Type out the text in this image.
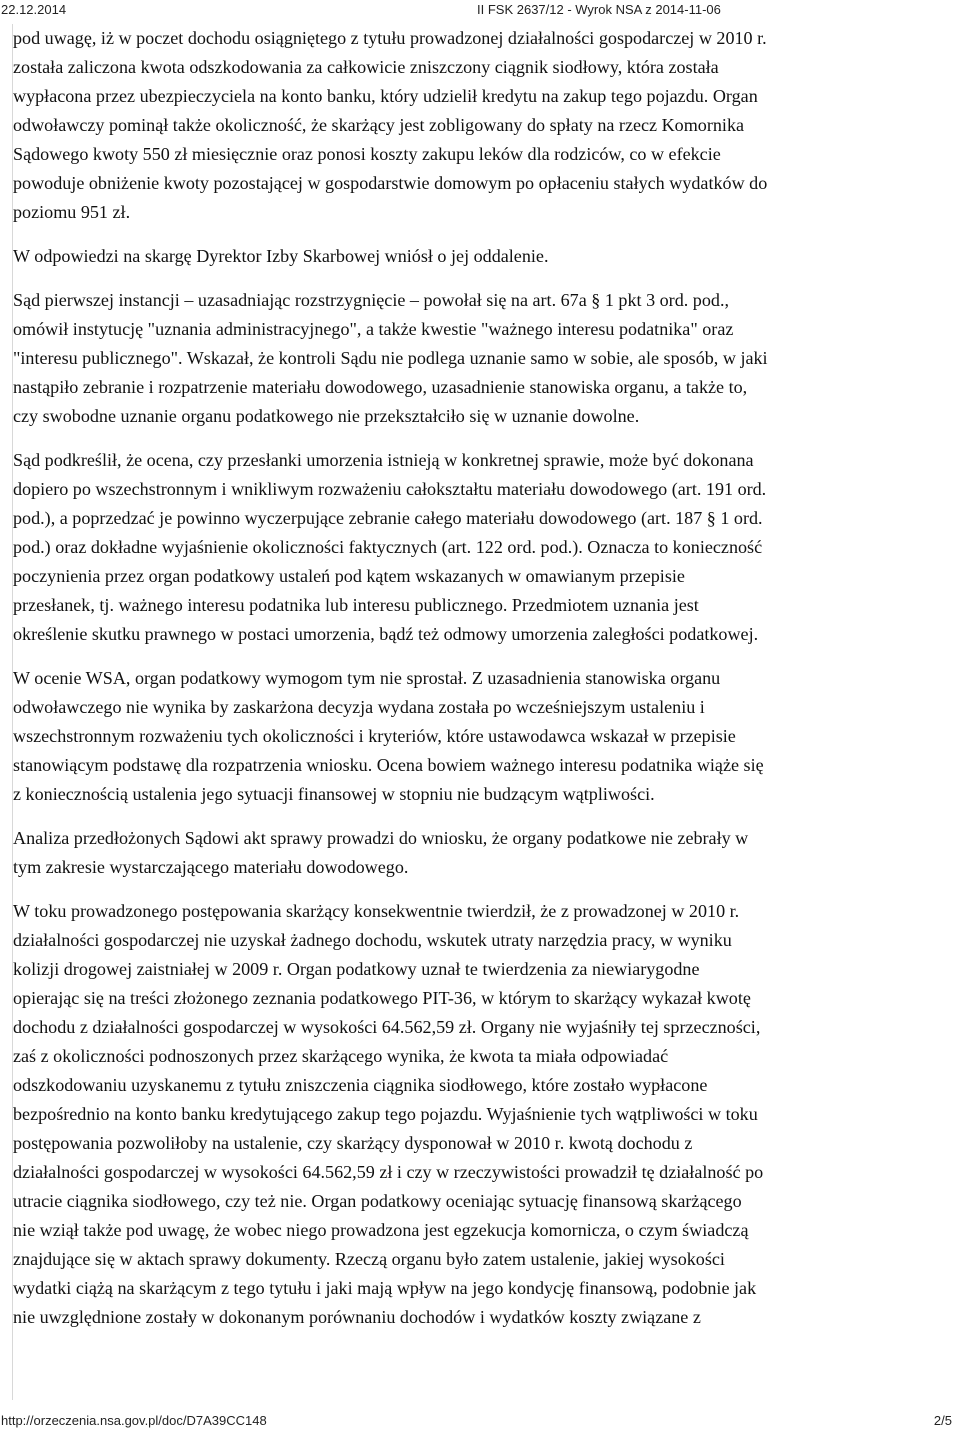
22.12.2014	II FSK 2637/12 - Wyrok NSA z 2014-11-06

pod uwagę, iż w poczet dochodu osiągniętego z tytułu prowadzonej działalności gospodarczej w 2010 r.
została zaliczona kwota odszkodowania za całkowicie zniszczony ciągnik siodłowy, która została
wypłacona przez ubezpieczyciela na konto banku, który udzielił kredytu na zakup tego pojazdu. Organ
odwoławczy pominął także okoliczność, że skarżący jest zobligowany do spłaty na rzecz Komornika
Sądowego kwoty 550 zł miesięcznie oraz ponosi koszty zakupu leków dla rodziców, co w efekcie
powoduje obniżenie kwoty pozostającej w gospodarstwie domowym po opłaceniu stałych wydatków do
poziomu 951 zł.

W odpowiedzi na skargę Dyrektor Izby Skarbowej wniósł o jej oddalenie.

Sąd pierwszej instancji – uzasadniając rozstrzygnięcie – powołał się na art. 67a § 1 pkt 3 ord. pod.,
omówił instytucję "uznania administracyjnego", a także kwestie "ważnego interesu podatnika" oraz
"interesu publicznego". Wskazał, że kontroli Sądu nie podlega uznanie samo w sobie, ale sposób, w jaki
nastąpiło zebranie i rozpatrzenie materiału dowodowego, uzasadnienie stanowiska organu, a także to,
czy swobodne uznanie organu podatkowego nie przekształciło się w uznanie dowolne.

Sąd podkreślił, że ocena, czy przesłanki umorzenia istnieją w konkretnej sprawie, może być dokonana
dopiero po wszechstronnym i wnikliwym rozważeniu całokształtu materiału dowodowego (art. 191 ord.
pod.), a poprzedzać je powinno wyczerpujące zebranie całego materiału dowodowego (art. 187 § 1 ord.
pod.) oraz dokładne wyjaśnienie okoliczności faktycznych (art. 122 ord. pod.). Oznacza to konieczność
poczynienia przez organ podatkowy ustaleń pod kątem wskazanych w omawianym przepisie
przesłanek, tj. ważnego interesu podatnika lub interesu publicznego. Przedmiotem uznania jest
określenie skutku prawnego w postaci umorzenia, bądź też odmowy umorzenia zaległości podatkowej.

W ocenie WSA, organ podatkowy wymogom tym nie sprostał. Z uzasadnienia stanowiska organu
odwoławczego nie wynika by zaskarżona decyzja wydana została po wcześniejszym ustaleniu i
wszechstronnym rozważeniu tych okoliczności i kryteriów, które ustawodawca wskazał w przepisie
stanowiącym podstawę dla rozpatrzenia wniosku. Ocena bowiem ważnego interesu podatnika wiąże się
z koniecznością ustalenia jego sytuacji finansowej w stopniu nie budzącym wątpliwości.

Analiza przedłożonych Sądowi akt sprawy prowadzi do wniosku, że organy podatkowe nie zebrały w
tym zakresie wystarczającego materiału dowodowego.

W toku prowadzonego postępowania skarżący konsekwentnie twierdził, że z prowadzonej w 2010 r.
działalności gospodarczej nie uzyskał żadnego dochodu, wskutek utraty narzędzia pracy, w wyniku
kolizji drogowej zaistniałej w 2009 r. Organ podatkowy uznał te twierdzenia za niewiarygodne
opierając się na treści złożonego zeznania podatkowego PIT-36, w którym to skarżący wykazał kwotę
dochodu z działalności gospodarczej w wysokości 64.562,59 zł. Organy nie wyjaśniły tej sprzeczności,
zaś z okoliczności podnoszonych przez skarżącego wynika, że kwota ta miała odpowiadać
odszkodowaniu uzyskanemu z tytułu zniszczenia ciągnika siodłowego, które zostało wypłacone
bezpośrednio na konto banku kredytującego zakup tego pojazdu. Wyjaśnienie tych wątpliwości w toku
postępowania pozwoliłoby na ustalenie, czy skarżący dysponował w 2010 r. kwotą dochodu z
działalności gospodarczej w wysokości 64.562,59 zł i czy w rzeczywistości prowadził tę działalność po
utracie ciągnika siodłowego, czy też nie. Organ podatkowy oceniając sytuację finansową skarżącego
nie wziął także pod uwagę, że wobec niego prowadzona jest egzekucja komornicza, o czym świadczą
znajdujące się w aktach sprawy dokumenty. Rzeczą organu było zatem ustalenie, jakiej wysokości
wydatki ciążą na skarżącym z tego tytułu i jaki mają wpływ na jego kondycję finansową, podobnie jak
nie uwzględnione zostały w dokonanym porównaniu dochodów i wydatków koszty związane z

http://orzeczenia.nsa.gov.pl/doc/D7A39CC148	2/5
